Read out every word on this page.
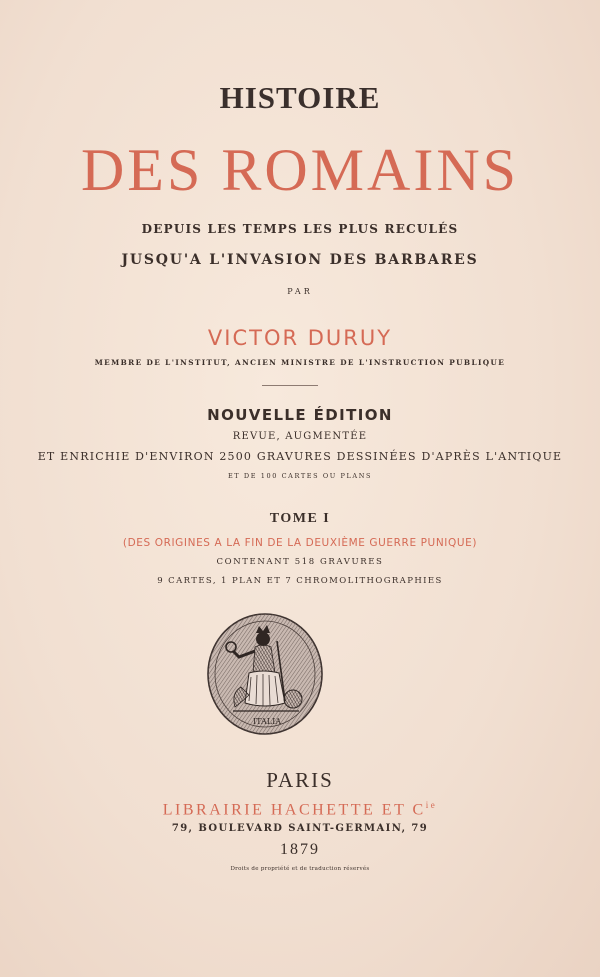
HISTOIRE
DES ROMAINS
DEPUIS LES TEMPS LES PLUS RECULÉS
JUSQU'A L'INVASION DES BARBARES
PAR
VICTOR DURUY
MEMBRE DE L'INSTITUT, ANCIEN MINISTRE DE L'INSTRUCTION PUBLIQUE
NOUVELLE ÉDITION
REVUE, AUGMENTÉE
ET ENRICHIE D'ENVIRON 2500 GRAVURES DESSINÉES D'APRÈS L'ANTIQUE
ET DE 100 CARTES OU PLANS
TOME I
(DES ORIGINES A LA FIN DE LA DEUXIÈME GUERRE PUNIQUE)
CONTENANT 518 GRAVURES
9 CARTES, 1 PLAN ET 7 CHROMOLITHOGRAPHIES
ITALIA
PARIS
LIBRAIRIE HACHETTE ET $C^{ie}$
79, BOULEVARD SAINT-GERMAIN, 79
1879
Droits de propriété et de traduction réservés
